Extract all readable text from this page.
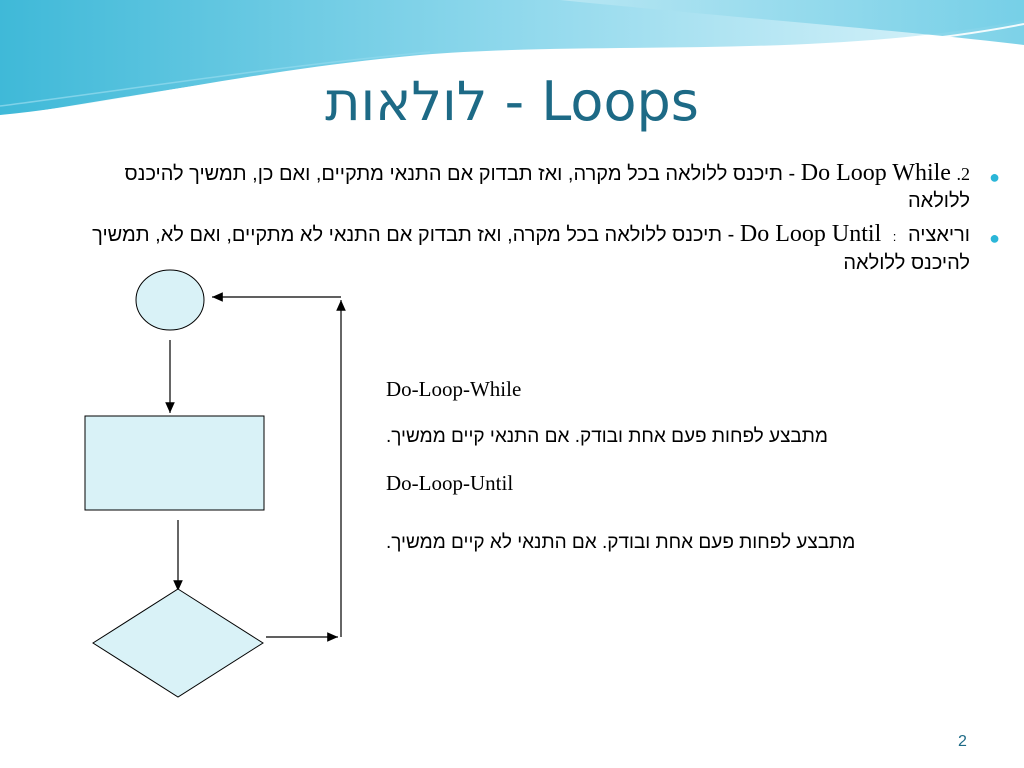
לולאות - Loops
●
2. Do Loop While - תיכנס ללולאה בכל מקרה, ואז תבדוק אם התנאי מתקיים, ואם כן, תמשיך להיכנס ללולאה
●
וריאציה : Do Loop Until - תיכנס ללולאה בכל מקרה, ואז תבדוק אם התנאי לא מתקיים, ואם לא, תמשיך להיכנס ללולאה
Do-Loop-While
מתבצע לפחות פעם אחת ובודק. אם התנאי קיים ממשיך.
Do-Loop-Until
מתבצע לפחות פעם אחת ובודק. אם התנאי לא קיים ממשיך.
2
